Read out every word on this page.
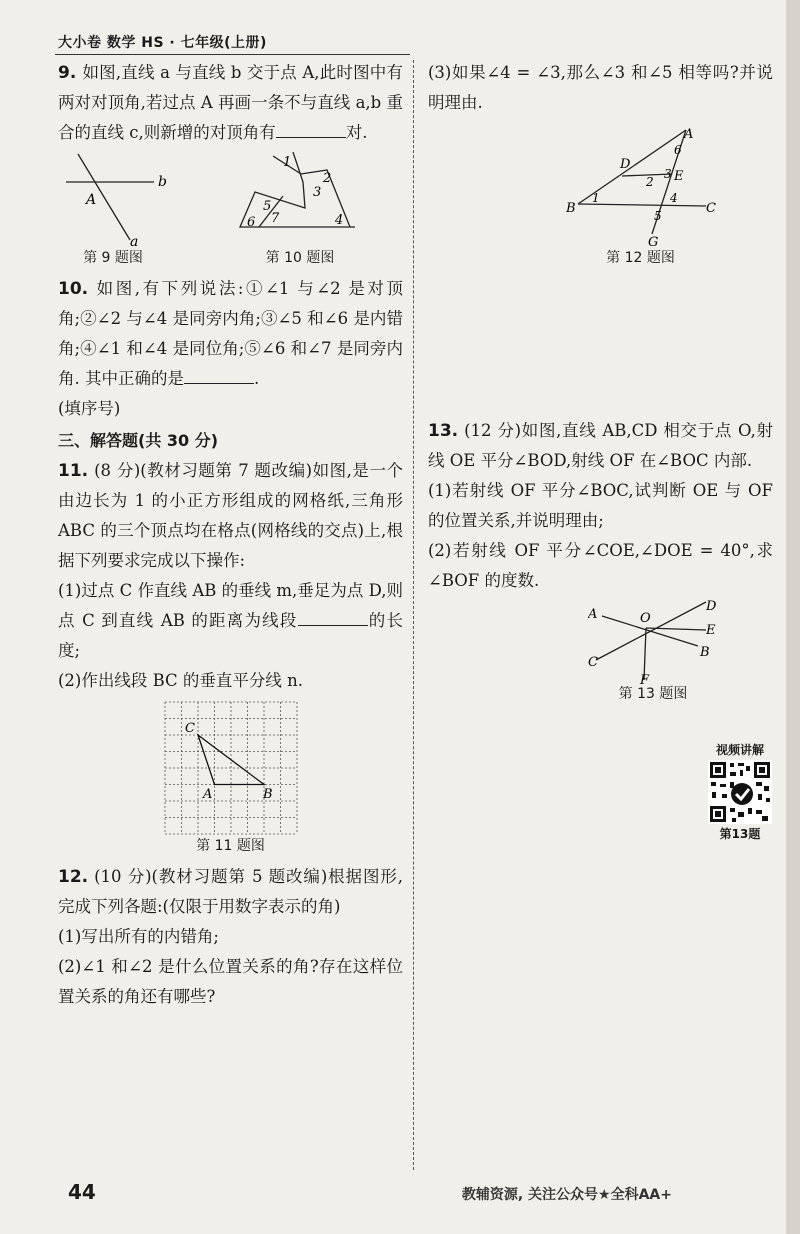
大小卷 数学 HS · 七年级(上册)

9. 如图,直线 a 与直线 b 交于点 A,此时图中有两对对顶角,若过点 A 再画一条不与直线 a,b 重合的直线 c,则新增的对顶角有	对.

A
b
a
第 9 题图
1
2
3
4
5
6 7
第 10 题图

10. 如图,有下列说法:①∠1 与∠2 是对顶角;②∠2 与∠4 是同旁内角;③∠5 和∠6 是内错角;④∠1 和∠4 是同位角;⑤∠6 和∠7 是同旁内角. 其中正确的是	.

(填序号)

三、解答题(共 30 分)

11. (8 分)(教材习题第 7 题改编)如图,是一个由边长为 1 的小正方形组成的网格纸,三角形 ABC 的三个顶点均在格点(网格线的交点)上,根据下列要求完成以下操作:

(1)过点 C 作直线 AB 的垂线 m,垂足为点 D,则点 C 到直线 AB 的距离为线段	的长度;

(2)作出线段 BC 的垂直平分线 n.

C
A	B
第 11 题图

12. (10 分)(教材习题第 5 题改编)根据图形,完成下列各题:(仅限于用数字表示的角)

(1)写出所有的内错角;

(2)∠1 和∠2 是什么位置关系的角?存在这样位置关系的角还有哪些?

(3)如果∠4 = ∠3,那么∠3 和∠5 相等吗?并说明理由.

A
B	C
D
E
G
1
2
3
4
5
6
第 12 题图

13. (12 分)如图,直线 AB,CD 相交于点 O,射线 OE 平分∠BOD,射线 OF 在∠BOC 内部.

(1)若射线 OF 平分∠BOC,试判断 OE 与 OF 的位置关系,并说明理由;

(2)若射线 OF 平分∠COE,∠DOE = 40°,求∠BOF 的度数.

O
A
B
C
D
E
F
第 13 题图
视频讲解
第13题
44	教辅资源, 关注公众号★全科AA+
